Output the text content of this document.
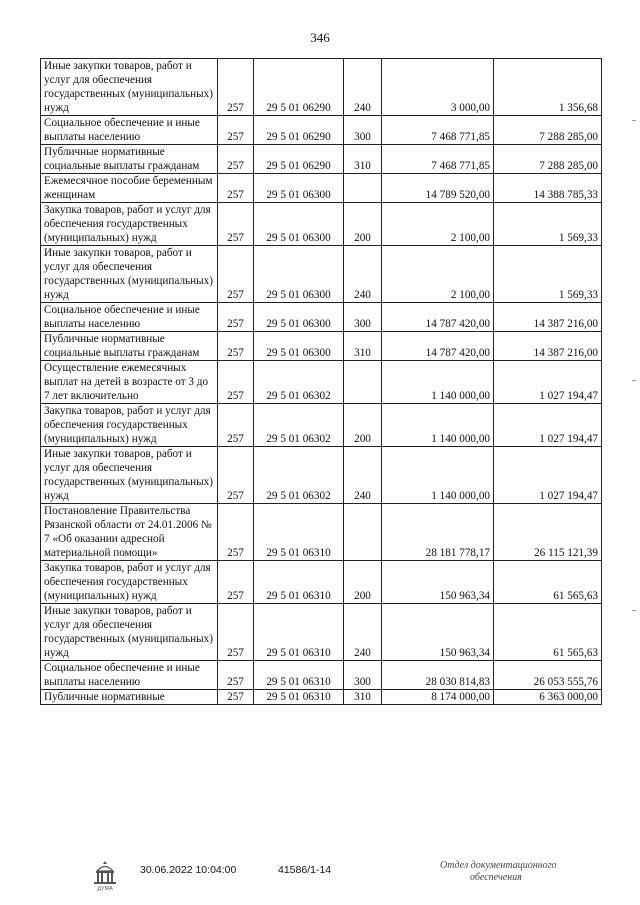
346
Иные закупки товаров, работ и услуг для обеспечения государственных (муниципальных) нужд	257	29 5 01 06290	240	3 000,00	1 356,68
Социальное обеспечение и иные выплаты населению	257	29 5 01 06290	300	7 468 771,85	7 288 285,00
Публичные нормативные социальные выплаты гражданам	257	29 5 01 06290	310	7 468 771,85	7 288 285,00
Ежемесячное пособие беременным женщинам	257	29 5 01 06300		14 789 520,00	14 388 785,33
Закупка товаров, работ и услуг для обеспечения государственных (муниципальных) нужд	257	29 5 01 06300	200	2 100,00	1 569,33
Иные закупки товаров, работ и услуг для обеспечения государственных (муниципальных) нужд	257	29 5 01 06300	240	2 100,00	1 569,33
Социальное обеспечение и иные выплаты населению	257	29 5 01 06300	300	14 787 420,00	14 387 216,00
Публичные нормативные социальные выплаты гражданам	257	29 5 01 06300	310	14 787 420,00	14 387 216,00
Осуществление ежемесячных выплат на детей в возрасте от 3 до 7 лет включительно	257	29 5 01 06302		1 140 000,00	1 027 194,47
Закупка товаров, работ и услуг для обеспечения государственных (муниципальных) нужд	257	29 5 01 06302	200	1 140 000,00	1 027 194,47
Иные закупки товаров, работ и услуг для обеспечения государственных (муниципальных) нужд	257	29 5 01 06302	240	1 140 000,00	1 027 194,47
Постановление Правительства Рязанской области от 24.01.2006 № 7 «Об оказании адресной материальной помощи»	257	29 5 01 06310		28 181 778,17	26 115 121,39
Закупка товаров, работ и услуг для обеспечения государственных (муниципальных) нужд	257	29 5 01 06310	200	150 963,34	61 565,63
Иные закупки товаров, работ и услуг для обеспечения государственных (муниципальных) нужд	257	29 5 01 06310	240	150 963,34	61 565,63
Социальное обеспечение и иные выплаты населению	257	29 5 01 06310	300	28 030 814,83	26 053 555,76
Публичные нормативные	257	29 5 01 06310	310	8 174 000,00	6 363 000,00
ДУМА
30.06.2022 10:04:00	41586/1-14	Отдел документационного
обеспечения
